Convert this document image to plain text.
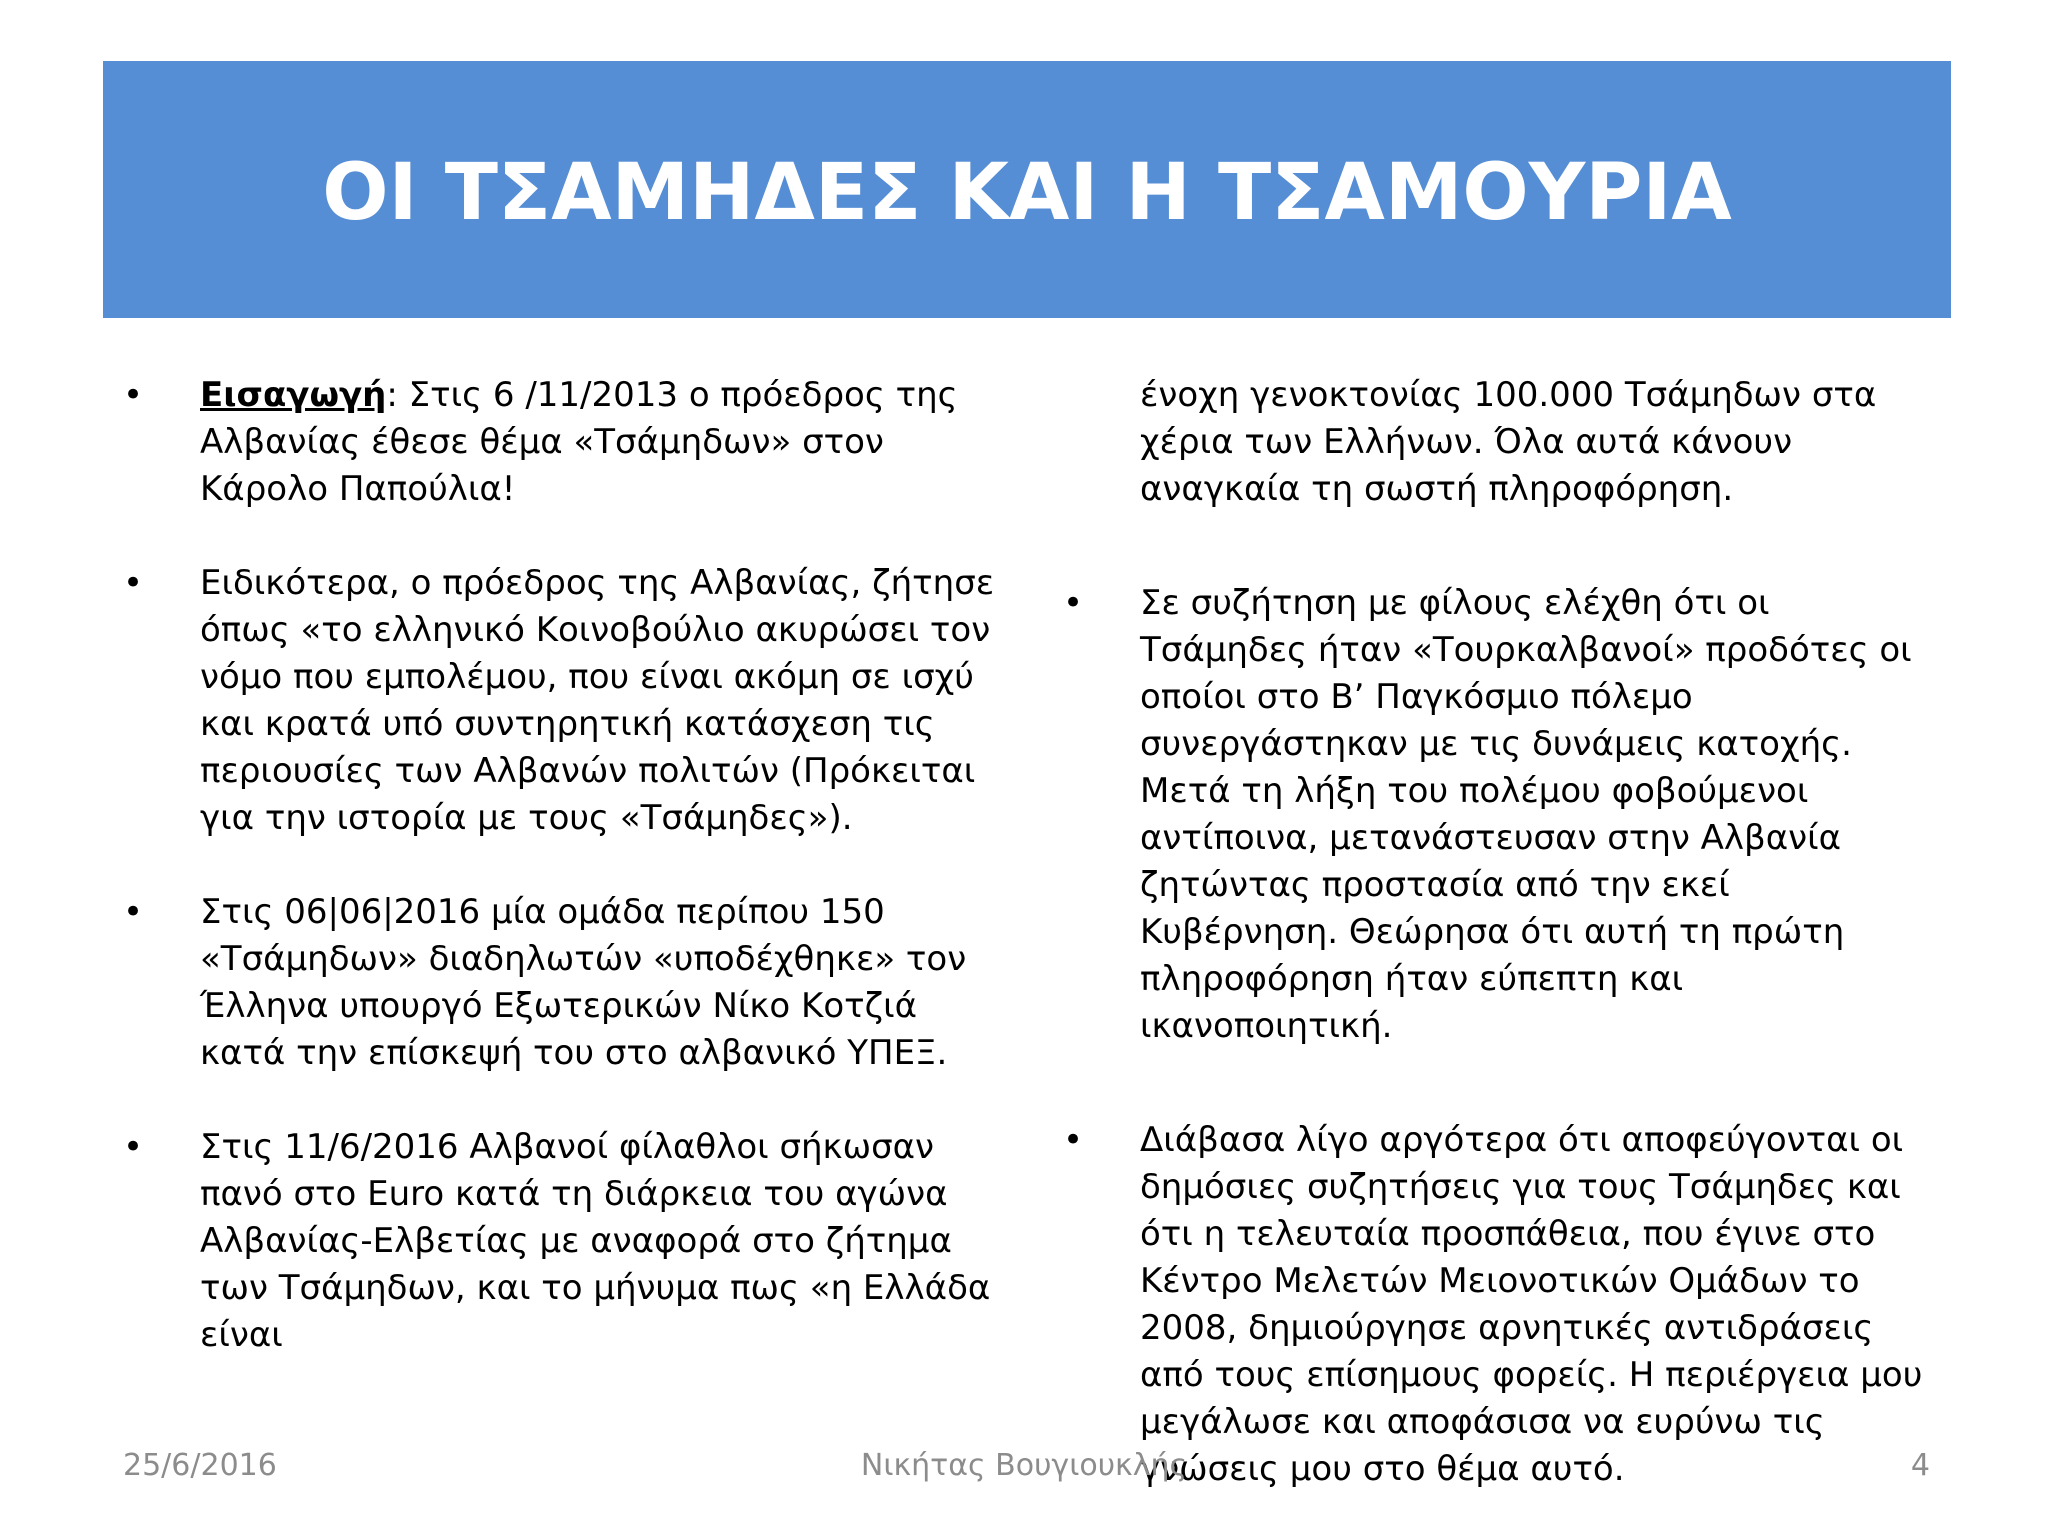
ΟΙ ΤΣΑΜΗΔΕΣ ΚΑΙ Η ΤΣΑΜΟΥΡΙΑ
• Εισαγωγή: Στις 6 /11/2013 ο πρόεδρος της Αλβανίας έθεσε θέμα «Τσάμηδων» στον Κάρολο Παπούλια!
• Ειδικότερα, ο πρόεδρος της Αλβανίας, ζήτησε όπως «το ελληνικό Κοινοβούλιο ακυρώσει τον νόμο που εμπολέμου, που είναι ακόμη σε ισχύ και κρατά υπό συντηρητική κατάσχεση τις περιουσίες των Αλβανών πολιτών (Πρόκειται για την ιστορία με τους «Τσάμηδες»).
• Στις 06|06|2016 μία ομάδα περίπου 150 «Τσάμηδων» διαδηλωτών «υποδέχθηκε» τον Έλληνα υπουργό Εξωτερικών Νίκο Κοτζιά κατά την επίσκεψή του στο αλβανικό ΥΠΕΞ.
• Στις 11/6/2016 Αλβανοί φίλαθλοι σήκωσαν πανό στο Euro κατά τη διάρκεια του αγώνα Αλβανίας-Ελβετίας με αναφορά στο ζήτημα των Τσάμηδων, και το μήνυμα πως «η Ελλάδα είναι
ένοχη γενοκτονίας 100.000 Τσάμηδων στα χέρια των Ελλήνων. Όλα αυτά κάνουν αναγκαία τη σωστή πληροφόρηση.
• Σε συζήτηση με φίλους ελέχθη ότι οι Τσάμηδες ήταν «Τουρκαλβανοί» προδότες οι οποίοι στο Β’ Παγκόσμιο πόλεμο συνεργάστηκαν με τις δυνάμεις κατοχής. Μετά τη λήξη του πολέμου φοβούμενοι αντίποινα, μετανάστευσαν στην Αλβανία ζητώντας προστασία από την εκεί Κυβέρνηση. Θεώρησα ότι αυτή τη πρώτη πληροφόρηση ήταν εύπεπτη και ικανοποιητική.
• Διάβασα λίγο αργότερα ότι αποφεύγονται οι δημόσιες συζητήσεις για τους Τσάμηδες και ότι η τελευταία προσπάθεια, που έγινε στο Κέντρο Μελετών Μειονοτικών Ομάδων το 2008, δημιούργησε αρνητικές αντιδράσεις από τους επίσημους φορείς. Η περιέργεια μου μεγάλωσε και αποφάσισα να ευρύνω τις γνώσεις μου στο θέμα αυτό.
25/6/2016	Νικήτας Βουγιουκλής	4
